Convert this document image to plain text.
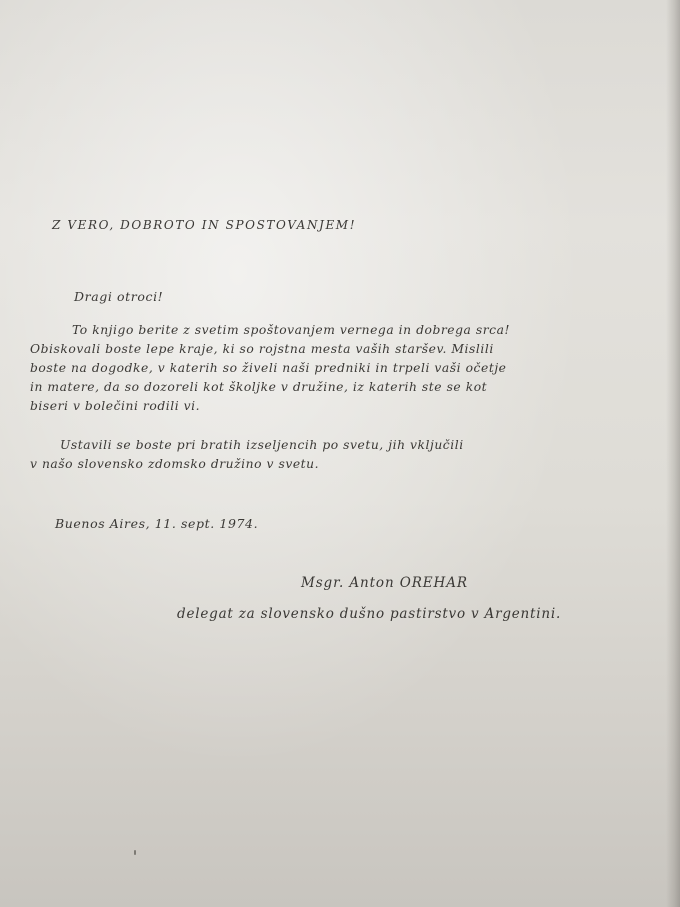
Z VERO, DOBROTO IN SPOSTOVANJEM!
Dragi otroci!
To knjigo berite z svetim spoštovanjem vernega in dobrega srca!
Obiskovali boste lepe kraje, ki so rojstna mesta vaših staršev. Mislili
boste na dogodke, v katerih so živeli naši predniki in trpeli vaši očetje
in matere, da so dozoreli kot školjke v družine, iz katerih ste se kot
biseri v bolečini rodili vi.
Ustavili se boste pri bratih izseljencih po svetu, jih vključili
v našo slovensko zdomsko družino v svetu.
Buenos Aires, 11. sept. 1974.
Msgr. Anton OREHAR
delegat za slovensko dušno pastirstvo v Argentini.
